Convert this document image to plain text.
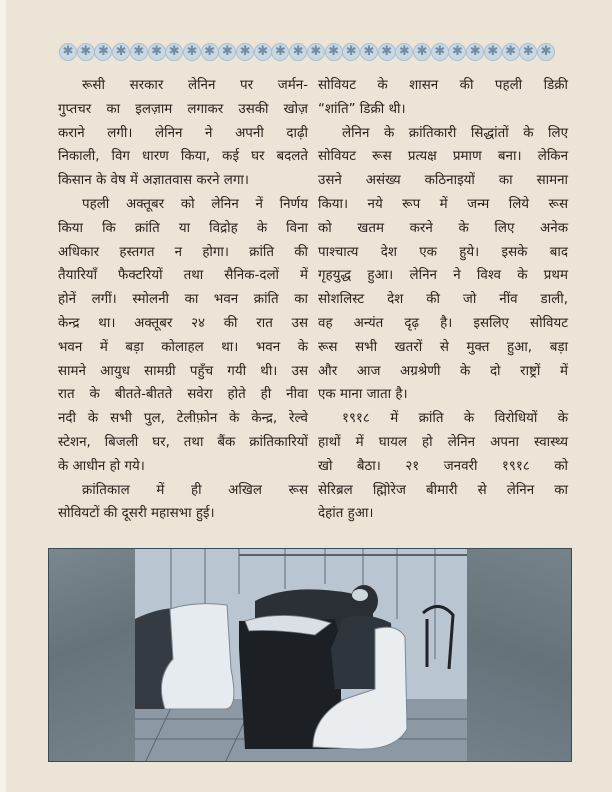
✱ ✱ ✱ ✱ ✱ ✱ ✱ ✱ ✱ ✱ ✱ ✱ ✱ ✱ ✱ ✱ ✱ ✱ ✱ ✱ ✱ ✱ ✱ ✱ ✱ ✱ ✱ ✱

रूसी सरकार लेनिन पर जर्मन-
गुप्तचर का इलज़ाम लगाकर उसकी खोज़
कराने लगी। लेनिन ने अपनी दाढ़ी
निकाली, विग धारण किया, कई घर बदलते
किसान के वेष में अज्ञातवास करने लगा।

पहली अक्तूबर को लेनिन नें निर्णय
किया कि क्रांति या विद्रोह के विना
अधिकार हस्तगत न होगा। क्रांति की
तैयारियाँ फैक्टरियों तथा सैनिक-दलों में
होनें लगीं। स्मोलनी का भवन क्रांति का
केन्द्र था। अक्तूबर २४ की रात उस
भवन में बड़ा कोलाहल था। भवन के
सामने आयुध सामग्री पहुँच गयी थी। उस
रात के बीतते-बीतते सवेरा होते ही नीवा
नदी के सभी पुल, टेलीफ़ोन के केन्द्र, रेल्वे
स्टेशन, बिजली घर, तथा बैंक क्रांतिकारियों
के आधीन हो गये।

क्रांतिकाल में ही अखिल रूस
सोवियटों की दूसरी महासभा हुई।

सोवियट के शासन की पहली डिक्री
“शांति” डिक्री थी।

लेनिन के क्रांतिकारी सिद्धांतों के लिए
सोवियट रूस प्रत्यक्ष प्रमाण बना। लेकिन
उसने असंख्य कठिनाइयों का सामना
किया। नये रूप में जन्म लिये रूस
को खतम करने के लिए अनेक
पाश्चात्य देश एक हुये। इसके बाद
गृहयुद्ध हुआ। लेनिन ने विश्व के प्रथम
सोशलिस्ट देश की जो नींव डाली,
वह अन्यंत दृढ़ है। इसलिए सोवियट
रूस सभी खतरों से मुक्त हुआ, बड़ा
और आज अग्रश्रेणी के दो राष्ट्रों में
एक माना जाता है।

१९१८ में क्रांति के विरोधियों के
हाथों में घायल हो लेनिन अपना स्वास्थ्य
खो बैठा। २१ जनवरी १९१८ को
सेरिब्रल ह्मिोरेज बीमारी से लेनिन का
देहांत हुआ।
